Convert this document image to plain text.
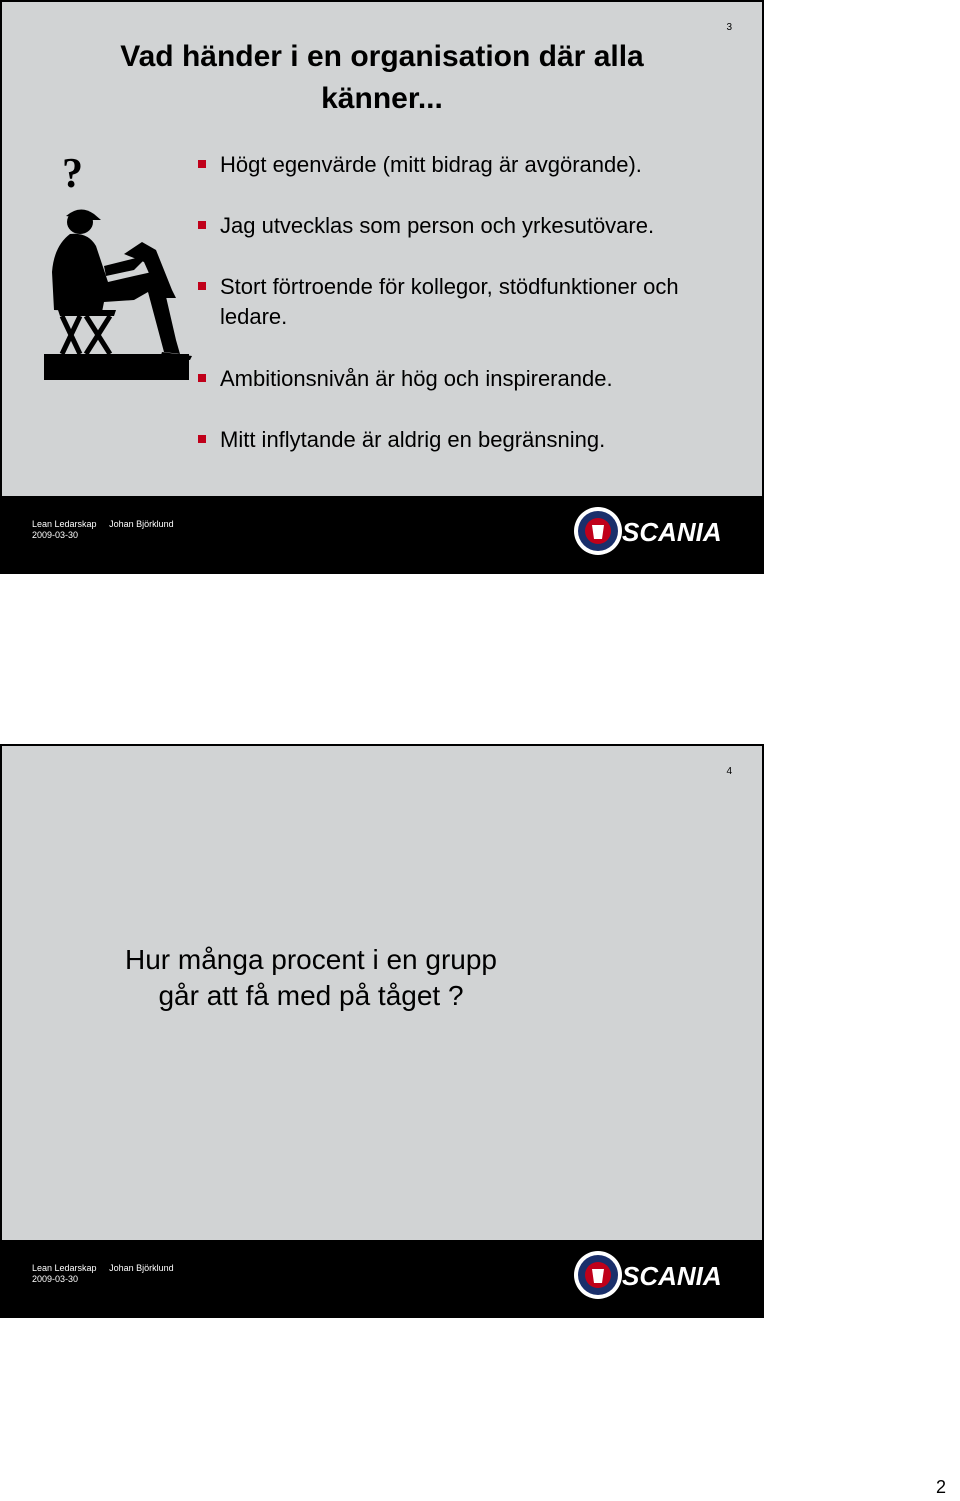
3
Vad händer i en organisation där alla känner...
?	Högt egenvärde (mitt bidrag är avgörande).
Jag utvecklas som person och yrkesutövare.
Stort förtroende för kollegor, stödfunktioner och ledare.
Ambitionsnivån är hög och inspirerande.
Mitt inflytande är aldrig en begränsning.
Lean Ledarskap Johan Björklund
2009-03-30	SCANIA
4
Hur många procent i en grupp
går att få med på tåget ?
Lean Ledarskap Johan Björklund
2009-03-30	SCANIA
2
